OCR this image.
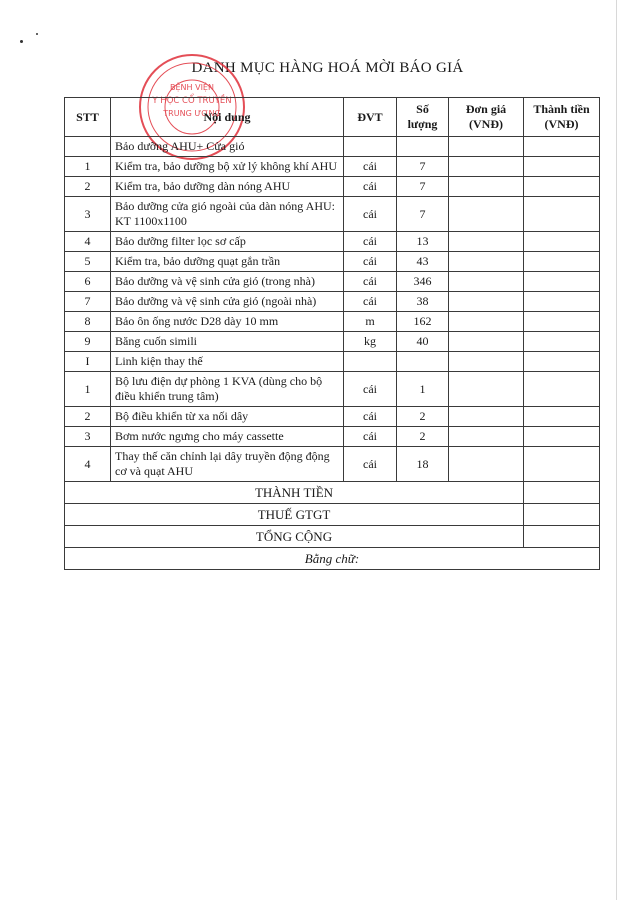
DANH MỤC HÀNG HOÁ MỜI BÁO GIÁ
BỆNH VIỆN
Y HỌC CỔ TRUYỀN
TRUNG ƯƠNG
STT	Nội dung	ĐVT	Số lượng	Đơn giá (VNĐ)	Thành tiền (VNĐ)
	Bảo dưỡng AHU+ Cửa gió				
1	Kiểm tra, bảo dưỡng bộ xử lý không khí AHU	cái	7		
2	Kiểm tra, bảo dưỡng dàn nóng AHU	cái	7		
3	Bảo dưỡng cửa gió ngoài của dàn nóng AHU: KT 1100x1100	cái	7		
4	Bảo dưỡng filter lọc sơ cấp	cái	13		
5	Kiểm tra, bảo dưỡng quạt gắn trần	cái	43		
6	Bảo dưỡng và vệ sinh cửa gió (trong nhà)	cái	346		
7	Bảo dưỡng và vệ sinh cửa gió (ngoài nhà)	cái	38		
8	Bảo ôn ống nước D28 dày 10 mm	m	162		
9	Băng cuốn simili	kg	40		
I	Linh kiện thay thế				
1	Bộ lưu điện dự phòng 1 KVA (dùng cho bộ điều khiển trung tâm)	cái	1		
2	Bộ điều khiển từ xa nối dây	cái	2		
3	Bơm nước ngưng cho máy cassette	cái	2		
4	Thay thế căn chỉnh lại dây truyền động động cơ và quạt AHU	cái	18		
THÀNH TIỀN					
THUẾ GTGT					
TỔNG CỘNG					
Bằng chữ:					
